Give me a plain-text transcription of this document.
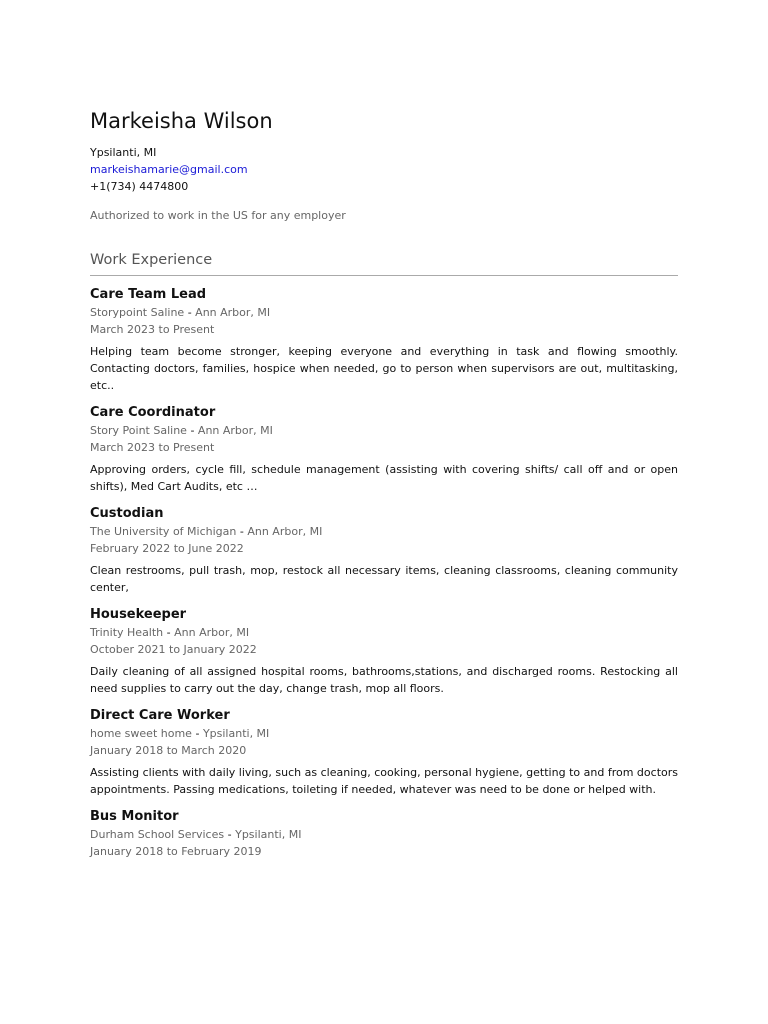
Markeisha Wilson
Ypsilanti, MI
markeishamarie@gmail.com
+1(734) 4474800
Authorized to work in the US for any employer
Work Experience
Care Team Lead
Storypoint Saline - Ann Arbor, MI
March 2023 to Present
Helping team become stronger, keeping everyone and everything in task and flowing smoothly. Contacting doctors, families, hospice when needed, go to person when supervisors are out, multitasking, etc..
Care Coordinator
Story Point Saline - Ann Arbor, MI
March 2023 to Present
Approving orders, cycle fill, schedule management (assisting with covering shifts/ call off and or open shifts), Med Cart Audits, etc …
Custodian
The University of Michigan - Ann Arbor, MI
February 2022 to June 2022
Clean restrooms, pull trash, mop, restock all necessary items, cleaning classrooms, cleaning community center,
Housekeeper
Trinity Health - Ann Arbor, MI
October 2021 to January 2022
Daily cleaning of all assigned hospital rooms, bathrooms,stations, and discharged rooms. Restocking all need supplies to carry out the day, change trash, mop all floors.
Direct Care Worker
home sweet home - Ypsilanti, MI
January 2018 to March 2020
Assisting clients with daily living, such as cleaning, cooking, personal hygiene, getting to and from doctors appointments. Passing medications, toileting if needed, whatever was need to be done or helped with.
Bus Monitor
Durham School Services - Ypsilanti, MI
January 2018 to February 2019
